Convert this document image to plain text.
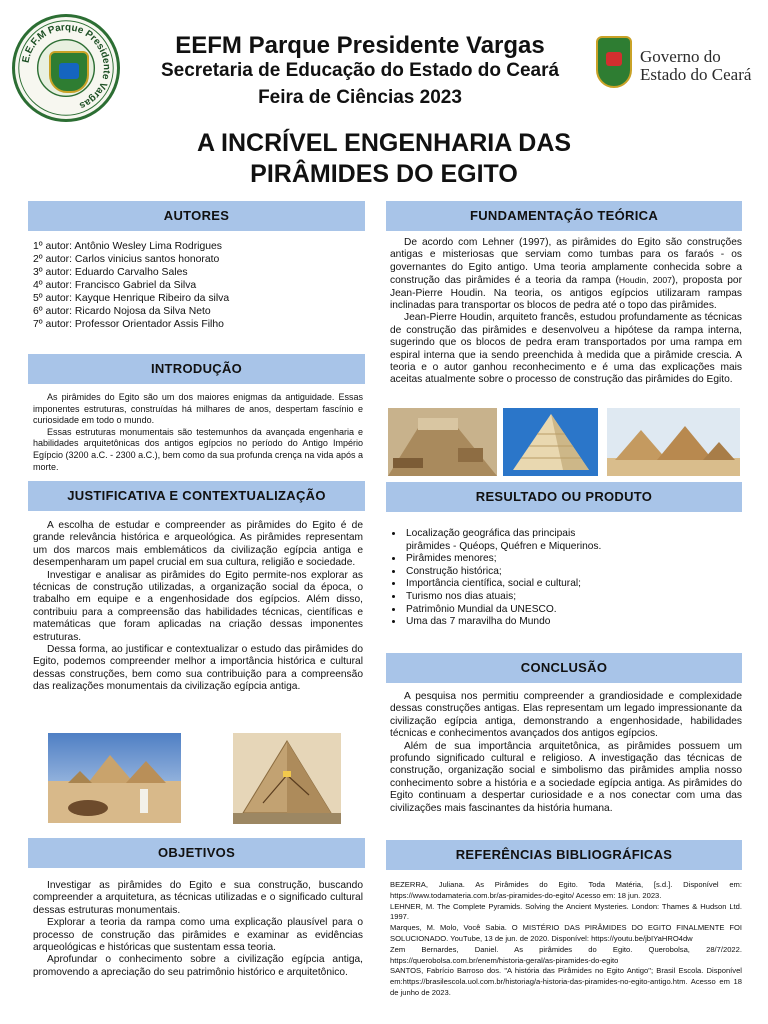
E.E.F.M Parque Presidente Vargas
EEFM Parque Presidente Vargas
Secretaria de Educação do Estado do Ceará
Feira de Ciências 2023
Governo do
Estado do Ceará
A INCRÍVEL ENGENHARIA DAS
PIRÂMIDES DO EGITO
AUTORES
1º autor: Antônio Wesley Lima Rodrigues
2º autor: Carlos vinicius santos honorato
3º autor: Eduardo Carvalho Sales
4º autor: Francisco Gabriel da Silva
5º autor: Kayque Henrique Ribeiro da silva
6º autor: Ricardo Nojosa da Silva Neto
7º autor: Professor Orientador Assis Filho
INTRODUÇÃO

As pirâmides do Egito são um dos maiores enigmas da antiguidade. Essas imponentes estruturas, construídas há milhares de anos, despertam fascínio e curiosidade em todo o mundo.

Essas estruturas monumentais são testemunhos da avançada engenharia e habilidades arquitetônicas dos antigos egípcios no período do Antigo Império Egípcio (3200 a.C. - 2300 a.C.), bem como da sua profunda crença na vida após a morte.

JUSTIFICATIVA E CONTEXTUALIZAÇÃO

A escolha de estudar e compreender as pirâmides do Egito é de grande relevância histórica e arqueológica. As pirâmides representam um dos marcos mais emblemáticos da civilização egípcia antiga e desempenharam um papel crucial em sua cultura, religião e sociedade.

Investigar e analisar as pirâmides do Egito permite-nos explorar as técnicas de construção utilizadas, a organização social da época, o trabalho em equipe e a engenhosidade dos egípcios. Além disso, contribuiu para a compreensão das habilidades técnicas, científicas e matemáticas que foram aplicadas na criação dessas imponentes estruturas.

Dessa forma, ao justificar e contextualizar o estudo das pirâmides do Egito, podemos compreender melhor a importância histórica e cultural dessas construções, bem como sua contribuição para a compreensão das realizações monumentais da civilização egípcia antiga.

OBJETIVOS

Investigar as pirâmides do Egito e sua construção, buscando compreender a arquitetura, as técnicas utilizadas e o significado cultural dessas estruturas monumentais.

Explorar a teoria da rampa como uma explicação plausível para o processo de construção das pirâmides e examinar as evidências arqueológicas e históricas que sustentam essa teoria.

Aprofundar o conhecimento sobre a civilização egípcia antiga, promovendo a apreciação do seu patrimônio histórico e arquitetônico.

FUNDAMENTAÇÃO TEÓRICA

De acordo com Lehner (1997), as pirâmides do Egito são construções antigas e misteriosas que serviam como tumbas para os faraós - os governantes do Egito antigo. Uma teoria amplamente conhecida sobre a construção das pirâmides é a teoria da rampa (Houdin, 2007), proposta por Jean-Pierre Houdin. Na teoria, os antigos egípcios utilizaram rampas inclinadas para transportar os blocos de pedra até o topo das pirâmides.

Jean-Pierre Houdin, arquiteto francês, estudou profundamente as técnicas de construção das pirâmides e desenvolveu a hipótese da rampa interna, sugerindo que os blocos de pedra eram transportados por uma rampa em espiral interna que ia sendo preenchida à medida que a pirâmide crescia. A teoria e o autor ganhou reconhecimento e é uma das explicações mais aceitas atualmente sobre o processo de construção das pirâmides do Egito.

RESULTADO OU PRODUTO
• Localização geográfica das principais pirâmides - Quéops, Quéfren e Miquerinos.
• Pirâmides menores;
• Construção histórica;
• Importância científica, social e cultural;
• Turismo nos dias atuais;
• Patrimônio Mundial da UNESCO.
• Uma das 7 maravilha do Mundo
CONCLUSÃO

A pesquisa nos permitiu compreender a grandiosidade e complexidade dessas construções antigas. Elas representam um legado impressionante da civilização egípcia antiga, demonstrando a engenhosidade, habilidades técnicas e conhecimentos avançados dos antigos egípcios.

Além de sua importância arquitetônica, as pirâmides possuem um profundo significado cultural e religioso. A investigação das técnicas de construção, organização social e simbolismo das pirâmides amplia nosso conhecimento sobre a história e a sociedade egípcia antiga. As pirâmides do Egito continuam a despertar curiosidade e a nos conectar com uma das civilizações mais fascinantes da história humana.

REFERÊNCIAS BIBLIOGRÁFICAS
BEZERRA, Juliana. As Pirâmides do Egito. Toda Matéria, [s.d.]. Disponível em: https://www.todamateria.com.br/as-piramides-do-egito/ Acesso em: 18 jun. 2023.
LEHNER, M. The Complete Pyramids. Solving the Ancient Mysteries. London: Thames & Hudson Ltd. 1997.
Marques, M. Molo, Você Sabia. O MISTÉRIO DAS PIRÂMIDES DO EGITO FINALMENTE FOI SOLUCIONADO. YouTube, 13 de jun. de 2020. Disponível: https://youtu.be/jbIYaHRO4dw
Zem Bernardes, Daniel. As pirâmides do Egito. Querobolsa, 28/7/2022. https://querobolsa.com.br/enem/historia-geral/as-piramides-do-egito
SANTOS, Fabrício Barroso dos. "A história das Pirâmides no Egito Antigo"; Brasil Escola. Disponível em:https://brasilescola.uol.com.br/historiag/a-historia-das-piramides-no-egito-antigo.htm. Acesso em 18 de junho de 2023.
